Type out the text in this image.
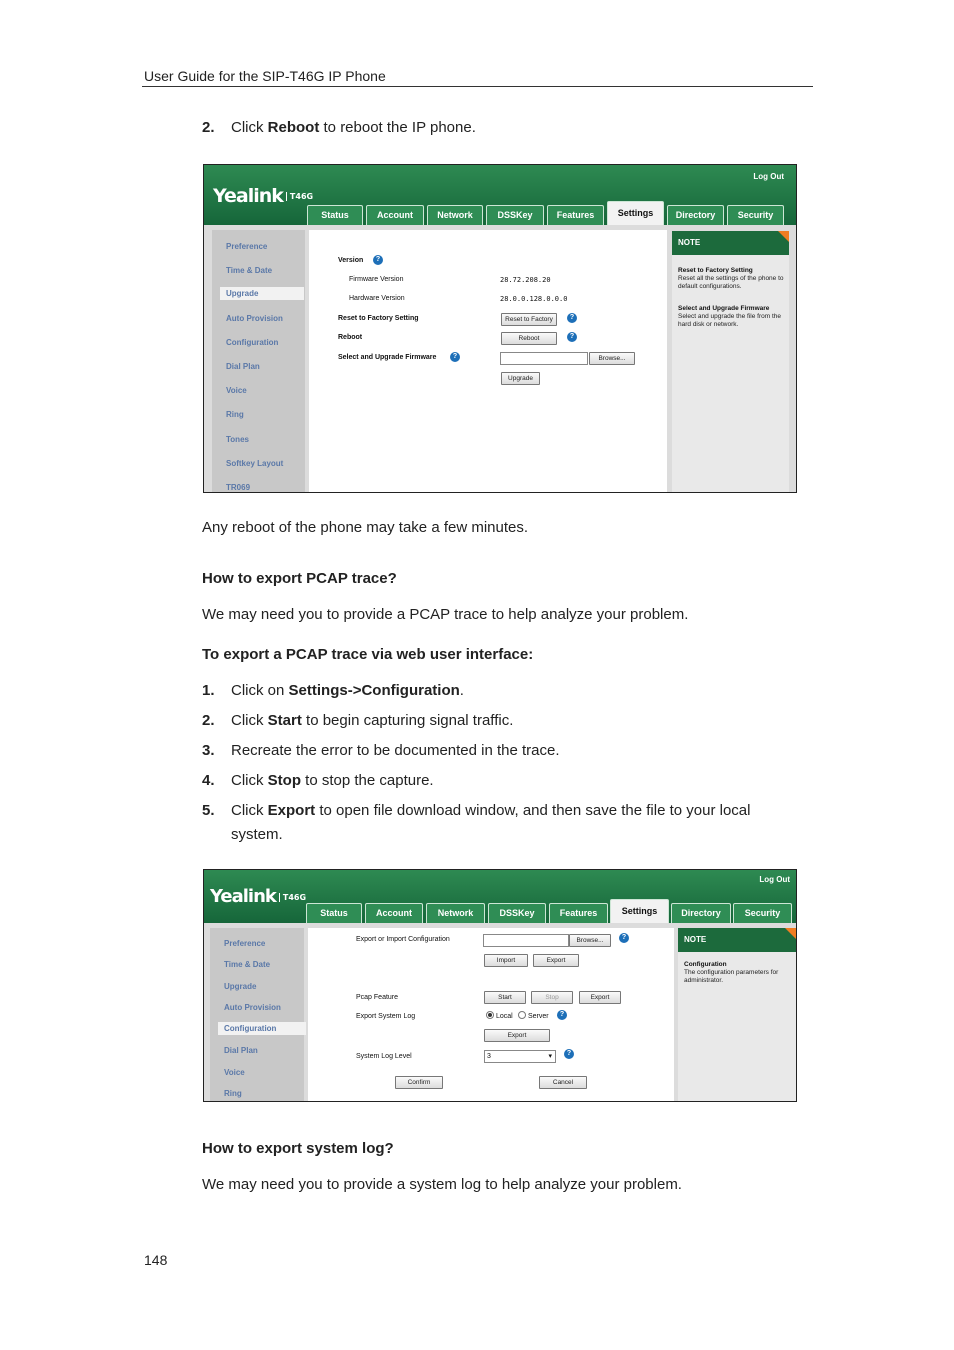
User Guide for the SIP-T46G IP Phone
2. Click Reboot to reboot the IP phone.
Yealink T46G
Log Out
Status	Account	Network	DSSKey	Features	Settings	Directory	Security
Preference
Time & Date
Upgrade
Auto Provision
Configuration
Dial Plan
Voice
Ring
Tones
Softkey Layout
TR069
Version	?
Firmware Version	28.72.208.20
Hardware Version	28.0.0.128.0.0.0
Reset to Factory Setting	Reset to Factory	?
Reboot	Reboot	?
Select and Upgrade Firmware	?	Browse...
Upgrade
NOTE
Reset to Factory Setting
Reset all the settings of the phone to default configurations.
Select and Upgrade Firmware
Select and upgrade the file from the hard disk or network.
Any reboot of the phone may take a few minutes.
How to export PCAP trace?
We may need you to provide a PCAP trace to help analyze your problem.
To export a PCAP trace via web user interface:
1. Click on Settings->Configuration.
2. Click Start to begin capturing signal traffic.
3. Recreate the error to be documented in the trace.
4. Click Stop to stop the capture.
5. Click Export to open file download window, and then save the file to your local
system.
Yealink T46G
Log Out
Status	Account	Network	DSSKey	Features	Settings	Directory	Security
Preference
Time & Date
Upgrade
Auto Provision
Configuration
Dial Plan
Voice
Ring
Export or Import Configuration	Browse...	?
Import	Export
Pcap Feature	Start	Stop	Export
Export System Log	Local Server	?
Export
System Log Level	3	▾	?
Confirm	Cancel
NOTE
Configuration
The configuration parameters for administrator.
How to export system log?
We may need you to provide a system log to help analyze your problem.
148
